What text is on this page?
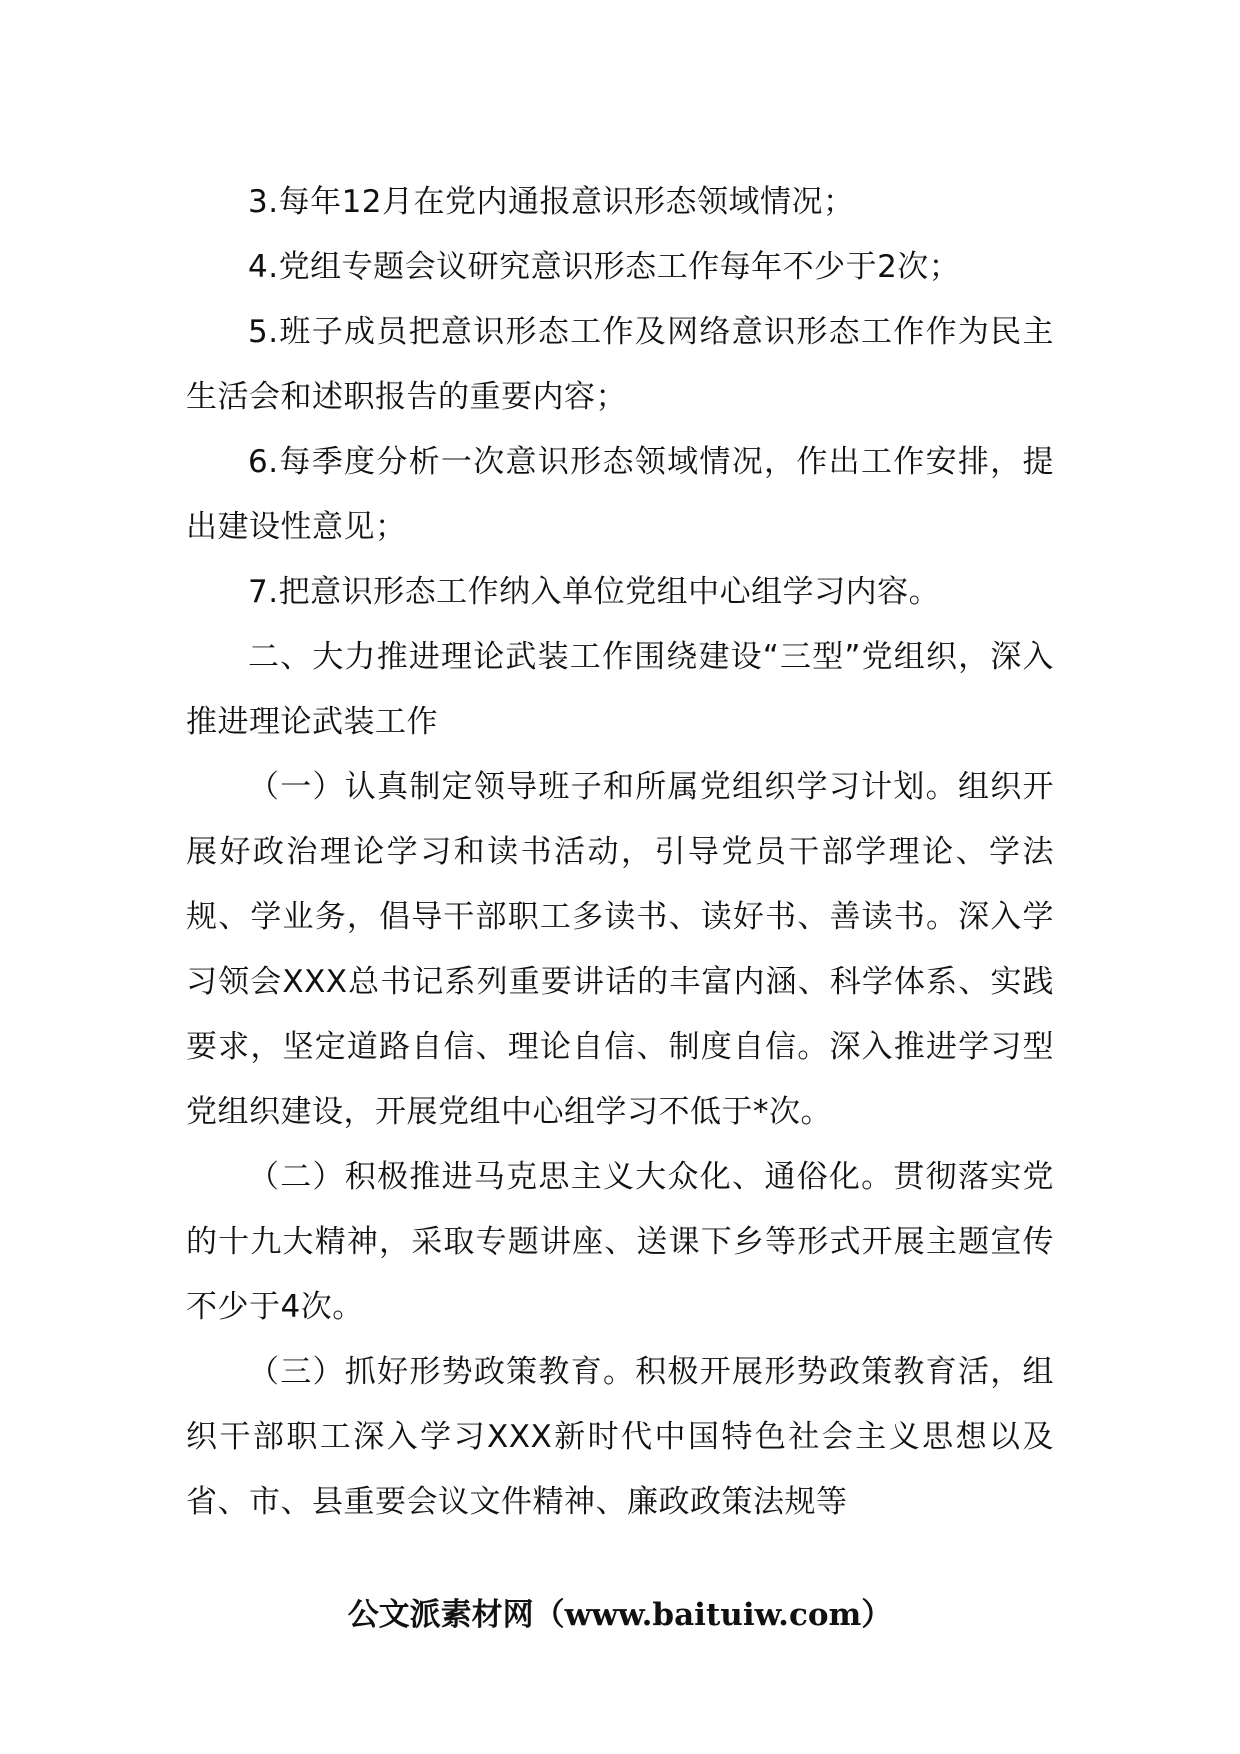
3.每年12月在党内通报意识形态领域情况；

4.党组专题会议研究意识形态工作每年不少于2次；

5.班子成员把意识形态工作及网络意识形态工作作为民主生活会和述职报告的重要内容；

6.每季度分析一次意识形态领域情况，作出工作安排，提出建设性意见；

7.把意识形态工作纳入单位党组中心组学习内容。

二、大力推进理论武装工作围绕建设“三型”党组织，深入推进理论武装工作

（一）认真制定领导班子和所属党组织学习计划。组织开展好政治理论学习和读书活动，引导党员干部学理论、学法规、学业务，倡导干部职工多读书、读好书、善读书。深入学习领会XXX总书记系列重要讲话的丰富内涵、科学体系、实践要求，坚定道路自信、理论自信、制度自信。深入推进学习型党组织建设，开展党组中心组学习不低于*次。

（二）积极推进马克思主义大众化、通俗化。贯彻落实党的十九大精神，采取专题讲座、送课下乡等形式开展主题宣传不少于4次。

（三）抓好形势政策教育。积极开展形势政策教育活，组织干部职工深入学习XXX新时代中国特色社会主义思想以及省、市、县重要会议文件精神、廉政政策法规等

公文派素材网（www.baituiw.com）
